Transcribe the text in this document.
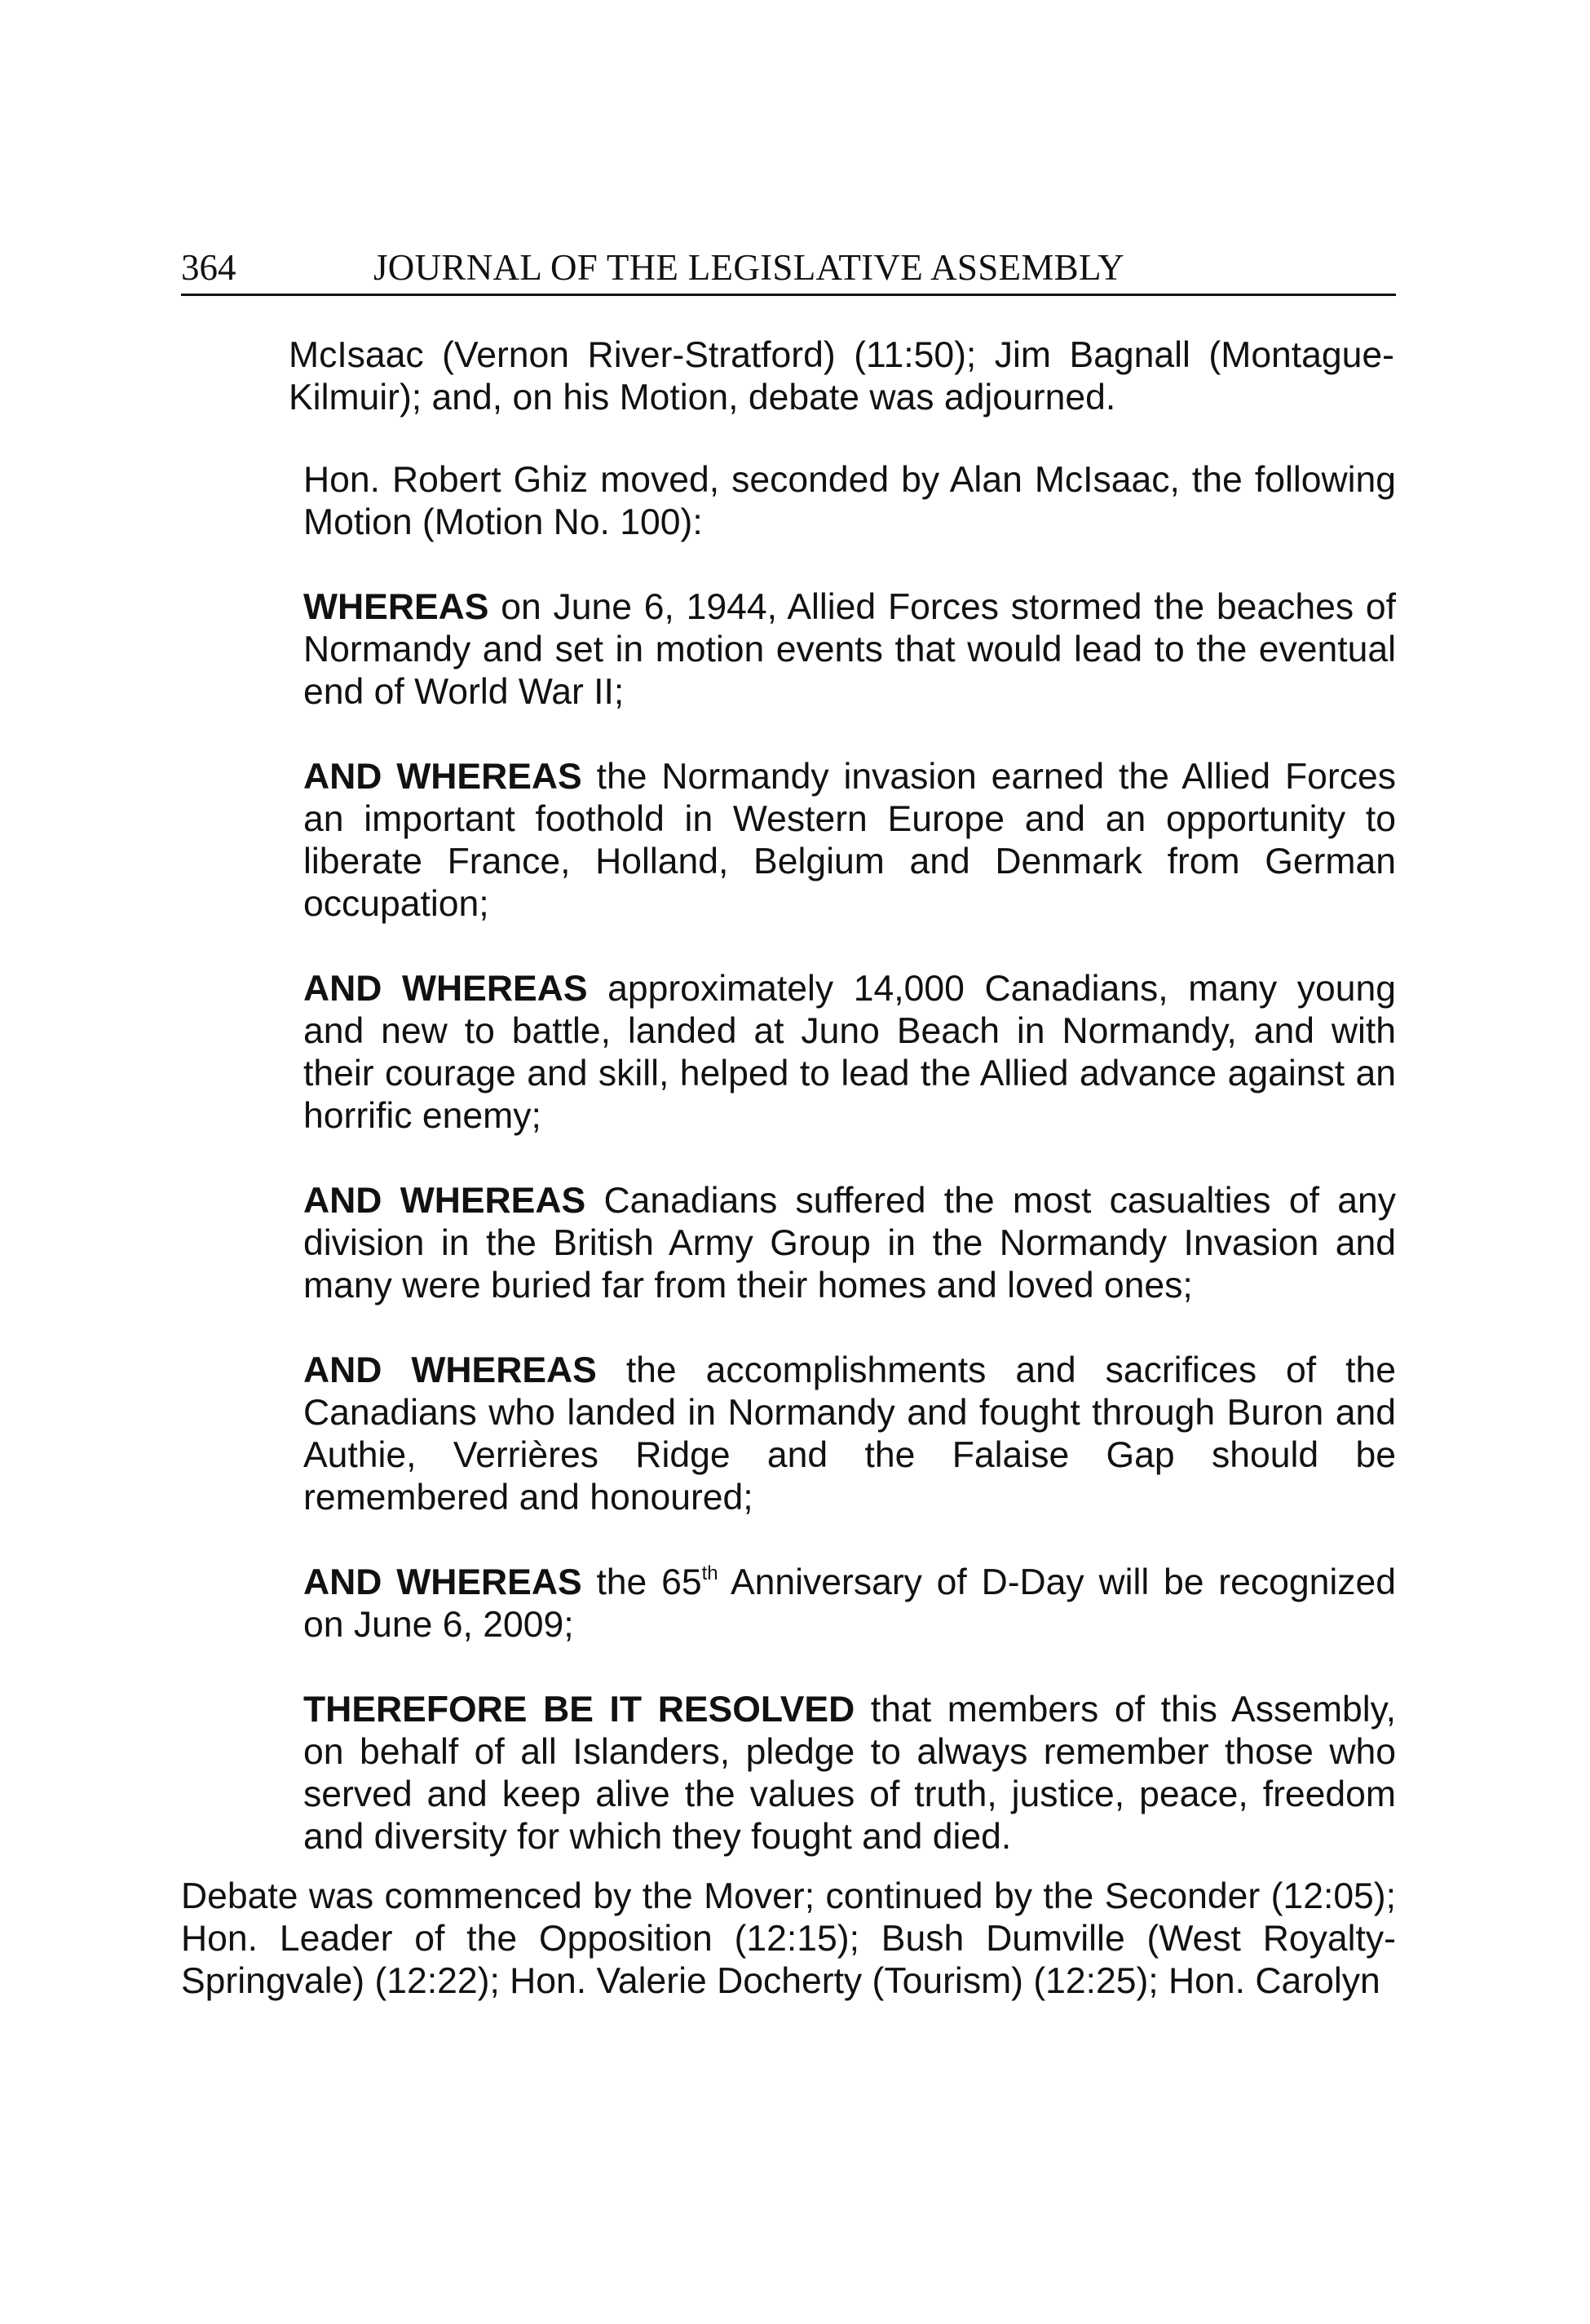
364	JOURNAL OF THE LEGISLATIVE ASSEMBLY

McIsaac (Vernon River-Stratford) (11:50); Jim Bagnall (Montague-Kilmuir); and, on his Motion, debate was adjourned.

Hon. Robert Ghiz moved, seconded by Alan McIsaac, the following Motion (Motion No. 100):

WHEREAS on June 6, 1944, Allied Forces stormed the beaches of Normandy and set in motion events that would lead to the eventual end of World War II;

AND WHEREAS the Normandy invasion earned the Allied Forces an important foothold in Western Europe and an opportunity to liberate France, Holland, Belgium and Denmark from German occupation;

AND WHEREAS approximately 14,000 Canadians, many young and new to battle, landed at Juno Beach in Normandy, and with their courage and skill, helped to lead the Allied advance against an horrific enemy;

AND WHEREAS Canadians suffered the most casualties of any division in the British Army Group in the Normandy Invasion and many were buried far from their homes and loved ones;

AND WHEREAS the accomplishments and sacrifices of the Canadians who landed in Normandy and fought through Buron and Authie, Verrières Ridge and the Falaise Gap should be remembered and honoured;

AND WHEREAS the 65th Anniversary of D-Day will be recognized on June 6, 2009;

THEREFORE BE IT RESOLVED that members of this Assembly, on behalf of all Islanders, pledge to always remember those who served and keep alive the values of truth, justice, peace, freedom and diversity for which they fought and died.

Debate was commenced by the Mover; continued by the Seconder (12:05); Hon. Leader of the Opposition (12:15); Bush Dumville (West Royalty-Springvale) (12:22); Hon. Valerie Docherty (Tourism) (12:25); Hon. Carolyn
